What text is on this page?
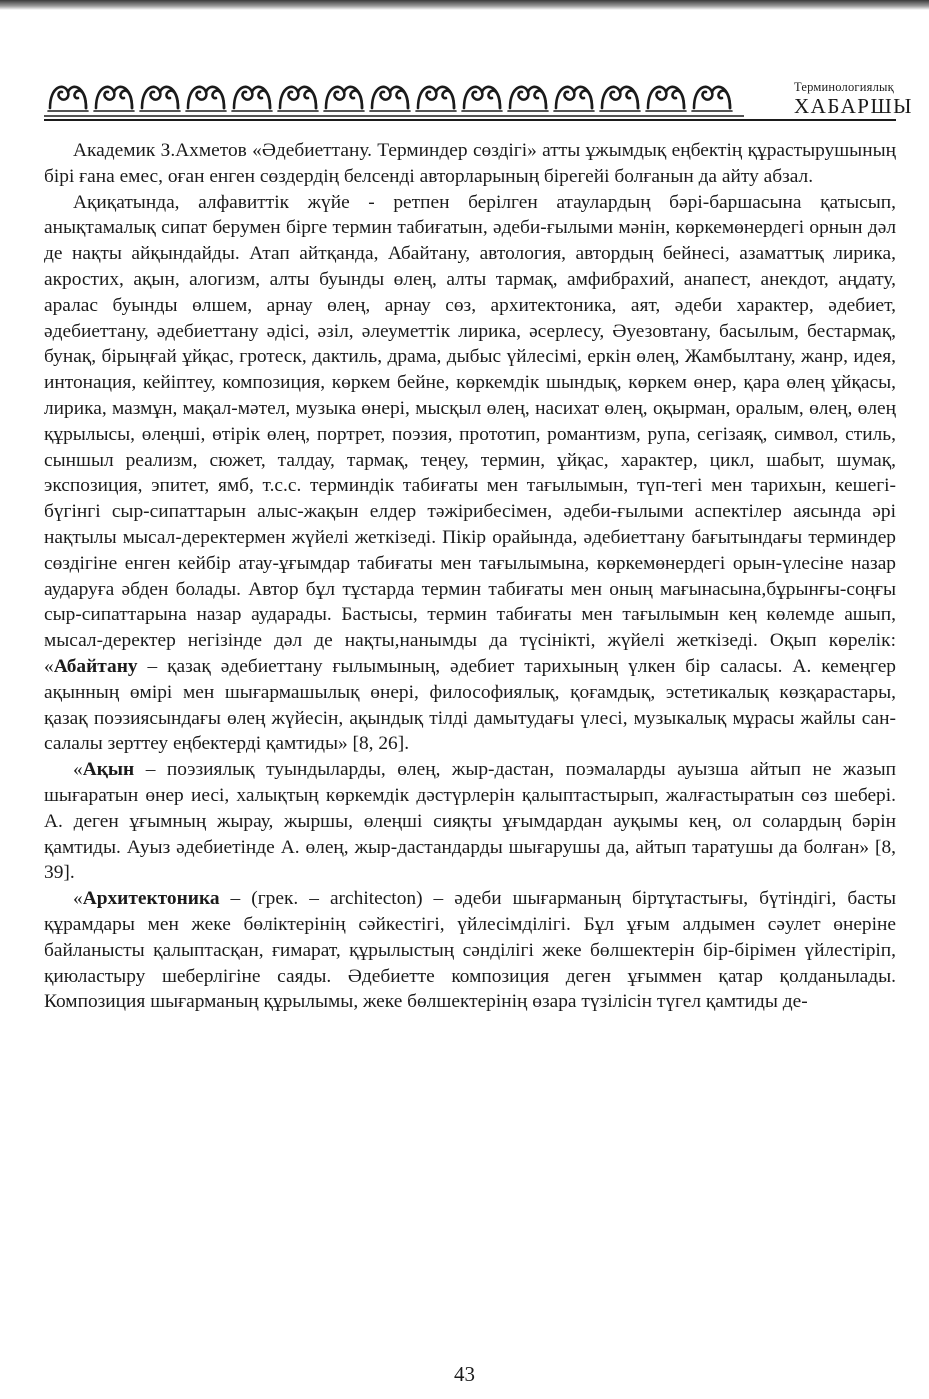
Терминологиялық
ХАБАРШЫ

Академик З.Ахметов «Әдебиеттану. Терминдер сөздігі» атты ұжымдық еңбектің құрастырушының бірі ғана емес, оған енген сөздердің белсенді авторларының бірегейі болғанын да айту абзал.

Ақиқатында, алфавиттік жүйе - ретпен берілген атаулардың бәрі-баршасына қатысып, анықтамалық сипат берумен бірге термин табиғатын, әдеби-ғылыми мәнін, көркемөнердегі орнын дәл де нақты айқындайды. Атап айтқанда, Абайтану, автология, автордың бейнесі, азаматтық лирика, акростих, ақын, алогизм, алты буынды өлең, алты тармақ, амфибрахий, анапест, анекдот, аңдату, аралас буынды өлшем, арнау өлең, арнау сөз, архитектоника, аят, әдеби характер, әдебиет, әдебиеттану, әдебиеттану әдісі, әзіл, әлеуметтік лирика, әсерлесу, Әуезовтану, басылым, бестармақ, бунақ, бірыңғай ұйқас, гротеск, дактиль, драма, дыбыс үйлесімі, еркін өлең, Жамбылтану, жанр, идея, интонация, кейіптеу, композиция, көркем бейне, көркемдік шындық, көркем өнер, қара өлең ұйқасы, лирика, мазмұн, мақал-мәтел, музыка өнері, мысқыл өлең, насихат өлең, оқырман, оралым, өлең, өлең құрылысы, өлеңші, өтірік өлең, портрет, поэзия, прототип, романтизм, рупа, сегізаяқ, символ, стиль, сыншыл реализм, сюжет, талдау, тармақ, теңеу, термин, ұйқас, характер, цикл, шабыт, шумақ, экспозиция, эпитет, ямб, т.с.с. терминдік табиғаты мен тағылымын, түп-тегі мен тарихын, кешегі-бүгінгі сыр-сипаттарын алыс-жақын елдер тәжірибесімен, әдеби-ғылыми аспектілер аясында әрі нақтылы мысал-деректермен жүйелі жеткізеді. Пікір орайында, әдебиеттану бағытындағы терминдер сөздігіне енген кейбір атау-ұғымдар табиғаты мен тағылымына, көркемөнердегі орын-үлесіне назар аударуға әбден болады. Автор бұл тұстарда термин табиғаты мен оның мағынасына,бұрынғы-соңғы сыр-сипаттарына назар аударады. Бастысы, термин табиғаты мен тағылымын кең көлемде ашып, мысал-деректер негізінде дәл де нақты,нанымды да түсінікті, жүйелі жеткізеді. Оқып көрелік: «Абайтану – қазақ әдебиеттану ғылымының, әдебиет тарихының үлкен бір саласы. А. кемеңгер ақынның өмірі мен шығармашылық өнері, философиялық, қоғамдық, эстетикалық көзқарастары, қазақ поэзиясындағы өлең жүйесін, ақындық тілді дамытудағы үлесі, музыкалық мұрасы жайлы сан-салалы зерттеу еңбектерді қамтиды» [8, 26].

«Ақын – поэзиялық туындыларды, өлең, жыр-дастан, поэмаларды ауызша айтып не жазып шығаратын өнер иесі, халықтың көркемдік дәстүрлерін қалыптастырып, жалғастыратын сөз шебері. А. деген ұғымның жырау, жыршы, өлеңші сияқты ұғымдардан ауқымы кең, ол солардың бәрін қамтиды. Ауыз әдебиетінде А. өлең, жыр-дастандарды шығарушы да, айтып таратушы да болған» [8, 39].

«Архитектоника – (грек. – architecton) – әдеби шығарманың біртұтастығы, бүтіндігі, басты құрамдары мен жеке бөліктерінің сәйкестігі, үйлесімділігі. Бұл ұғым алдымен сәулет өнеріне байланысты қалыптасқан, ғимарат, құрылыстың сәнділігі жеке бөлшектерін бір-бірімен үйлестіріп, қиюластыру шеберлігіне саяды. Әдебиетте композиция деген ұғыммен қатар қолданылады. Композиция шығарманың құрылымы, жеке бөлшектерінің өзара түзілісін түгел қамтиды де-

43
